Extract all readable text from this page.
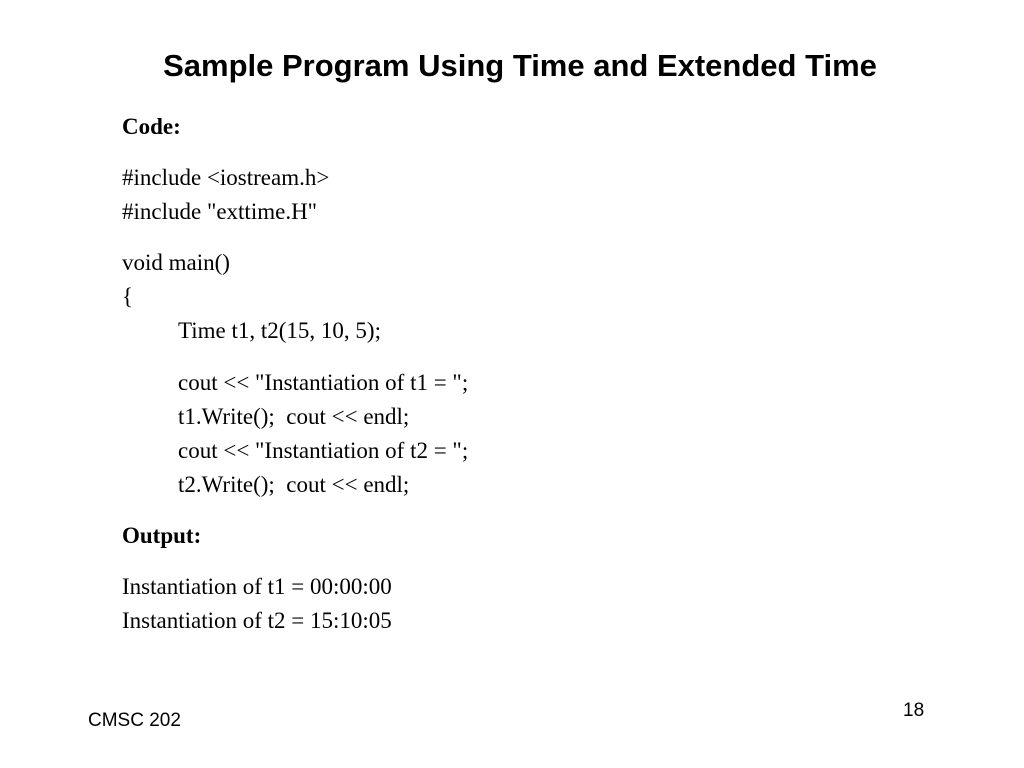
Sample Program Using Time and Extended Time
Code:
#include <iostream.h>
#include "exttime.H"
void main()
{
Time t1, t2(15, 10, 5);
cout << "Instantiation of t1 = ";
t1.Write();  cout << endl;
cout << "Instantiation of t2 = ";
t2.Write();  cout << endl;
Output:
Instantiation of t1 = 00:00:00
Instantiation of t2 = 15:10:05
CMSC 202	18
